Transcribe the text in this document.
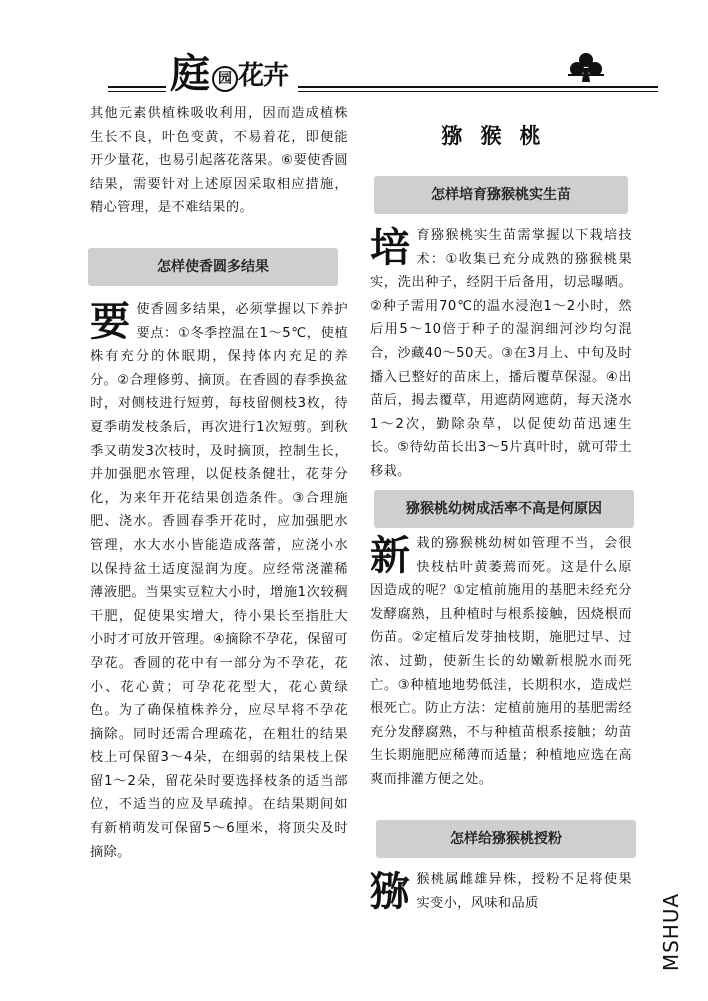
庭 园 花卉

其他元素供植株吸收利用，因而造成植株生长不良，叶色变黄，不易着花，即便能开少量花，也易引起落花落果。⑥要使香圆结果，需要针对上述原因采取相应措施，精心管理，是不难结果的。

怎样使香圆多结果
要 使香圆多结果，必须掌握以下养护要点：①冬季控温在1～5℃，使植株有充分的休眠期，保持体内充足的养分。②合理修剪、摘顶。在香圆的春季换盆时，对侧枝进行短剪，每枝留侧枝3枚，待夏季萌发枝条后，再次进行1次短剪。到秋季又萌发3次枝时，及时摘顶，控制生长，并加强肥水管理，以促枝条健壮，花芽分化，为来年开花结果创造条件。③合理施肥、浇水。香圆春季开花时，应加强肥水管理，水大水小皆能造成落蕾，应浇小水以保持盆土适度湿润为度。应经常浇灌稀薄液肥。当果实豆粒大小时，增施1次较稠干肥，促使果实增大，待小果长至指肚大小时才可放开管理。④摘除不孕花，保留可孕花。香圆的花中有一部分为不孕花，花小、花心黄；可孕花花型大，花心黄绿色。为了确保植株养分，应尽早将不孕花摘除。同时还需合理疏花，在粗壮的结果枝上可保留3～4朵，在细弱的结果枝上保留1～2朵，留花朵时要选择枝条的适当部位，不适当的应及早疏掉。在结果期间如有新梢萌发可保留5～6厘米，将顶尖及时摘除。
猕猴桃
怎样培育猕猴桃实生苗
培 育猕猴桃实生苗需掌握以下栽培技术：①收集已充分成熟的猕猴桃果实，洗出种子，经阴干后备用，切忌曝晒。②种子需用70℃的温水浸泡1～2小时，然后用5～10倍于种子的湿润细河沙均匀混合，沙藏40～50天。③在3月上、中旬及时播入已整好的苗床上，播后覆草保湿。④出苗后，揭去覆草，用遮荫网遮荫，每天浇水1～2次，勤除杂草，以促使幼苗迅速生长。⑤待幼苗长出3～5片真叶时，就可带土移栽。
猕猴桃幼树成活率不高是何原因
新 栽的猕猴桃幼树如管理不当，会很快枝枯叶黄萎蔫而死。这是什么原因造成的呢？①定植前施用的基肥未经充分发酵腐熟，且种植时与根系接触，因烧根而伤苗。②定植后发芽抽枝期，施肥过早、过浓、过勤，使新生长的幼嫩新根脱水而死亡。③种植地地势低洼，长期积水，造成烂根死亡。防止方法：定植前施用的基肥需经充分发酵腐熟，不与种植苗根系接触；幼苗生长期施肥应稀薄而适量；种植地应选在高爽而排灌方便之处。
怎样给猕猴桃授粉
猕 猴桃属雌雄异株，授粉不足将使果实变小，风味和品质	MSHUA
